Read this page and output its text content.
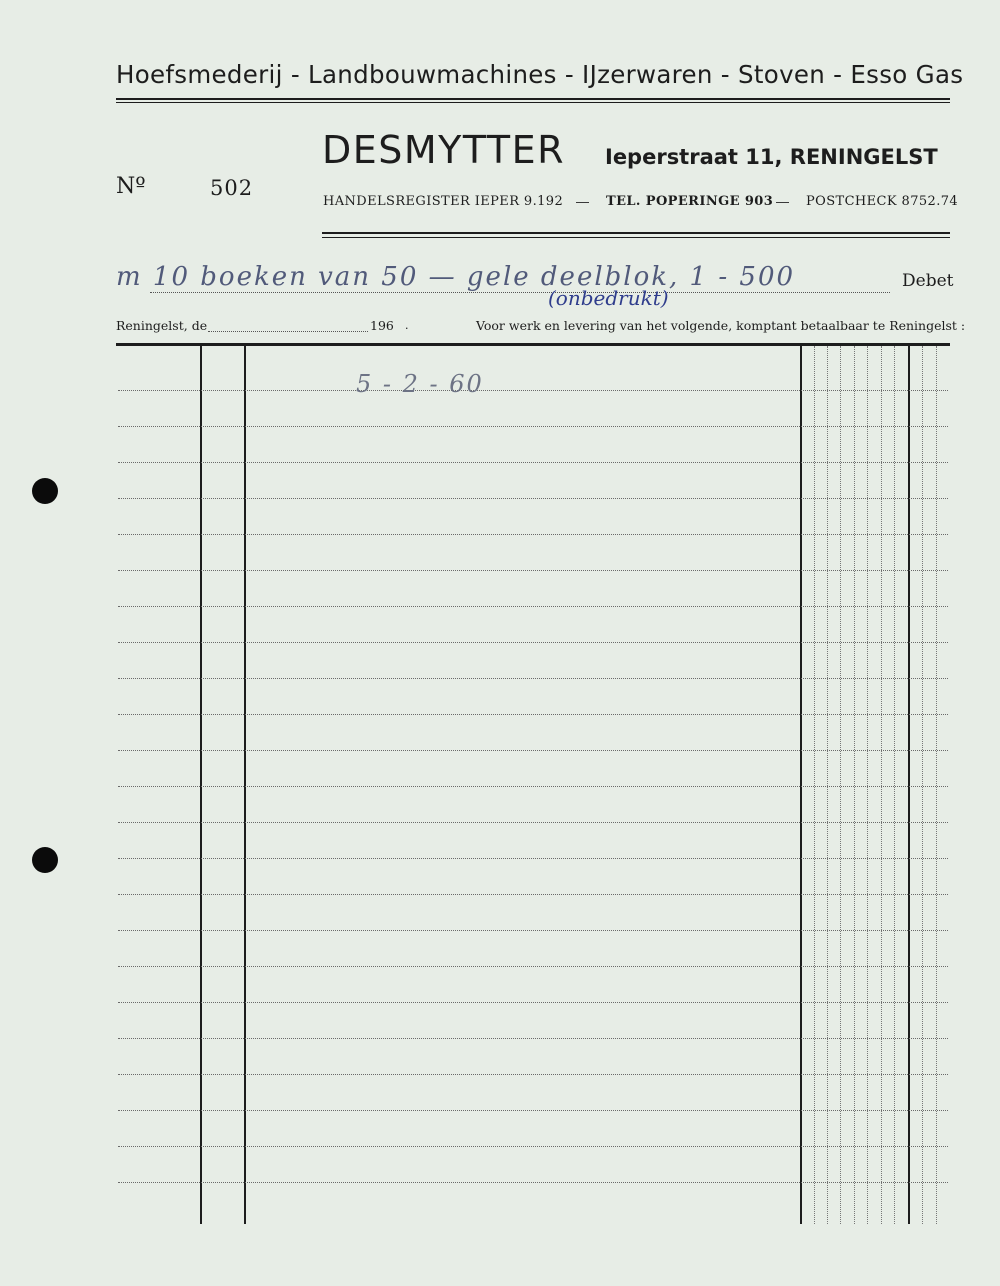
Hoefsmederij - Landbouwmachines - IJzerwaren - Stoven - Esso Gas
DESMYTTER Ieperstraat 11, RENINGELST
Nº	502
HANDELSREGISTER IEPER 9.192 — TEL. POPERINGE 903 — POSTCHECK 8752.74
m 10 boeken van 50 — gele deelblok, 1 - 500
(onbedrukt)
Debet
Reningelst, de	196 .	Voor werk en levering van het volgende, komptant betaalbaar te Reningelst :
5 - 2 - 60
